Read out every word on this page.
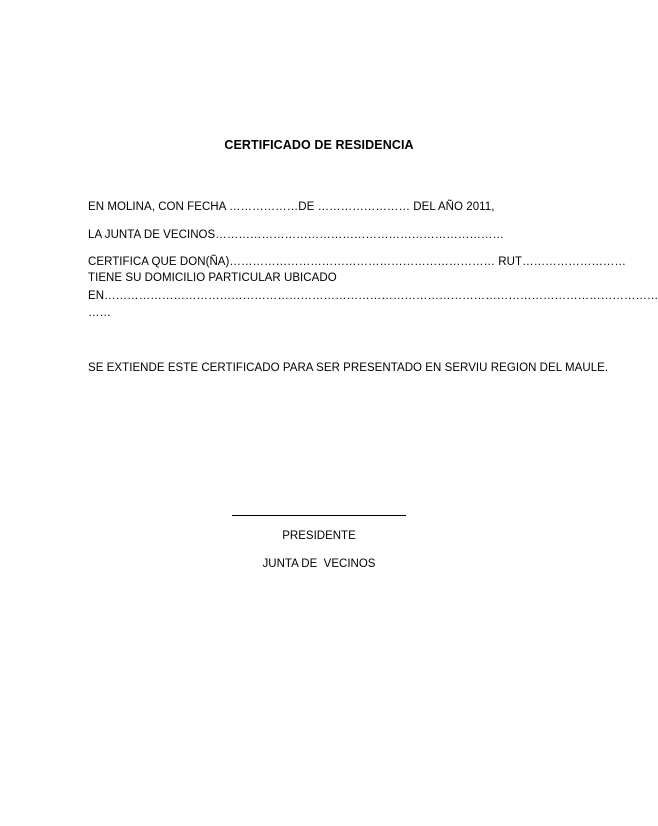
CERTIFICADO DE RESIDENCIA
EN MOLINA, CON FECHA ………………DE …………………… DEL AÑO 2011,
LA JUNTA DE VECINOS…………………………………………………………………
CERTIFICA QUE DON(ÑA)…………………………………………………………… RUT………………………
TIENE SU DOMICILIO PARTICULAR UBICADO
EN………………………………………………………………………………………………………………………………
……
SE EXTIENDE ESTE CERTIFICADO PARA SER PRESENTADO EN SERVIU REGION DEL MAULE.
PRESIDENTE
JUNTA DE  VECINOS
